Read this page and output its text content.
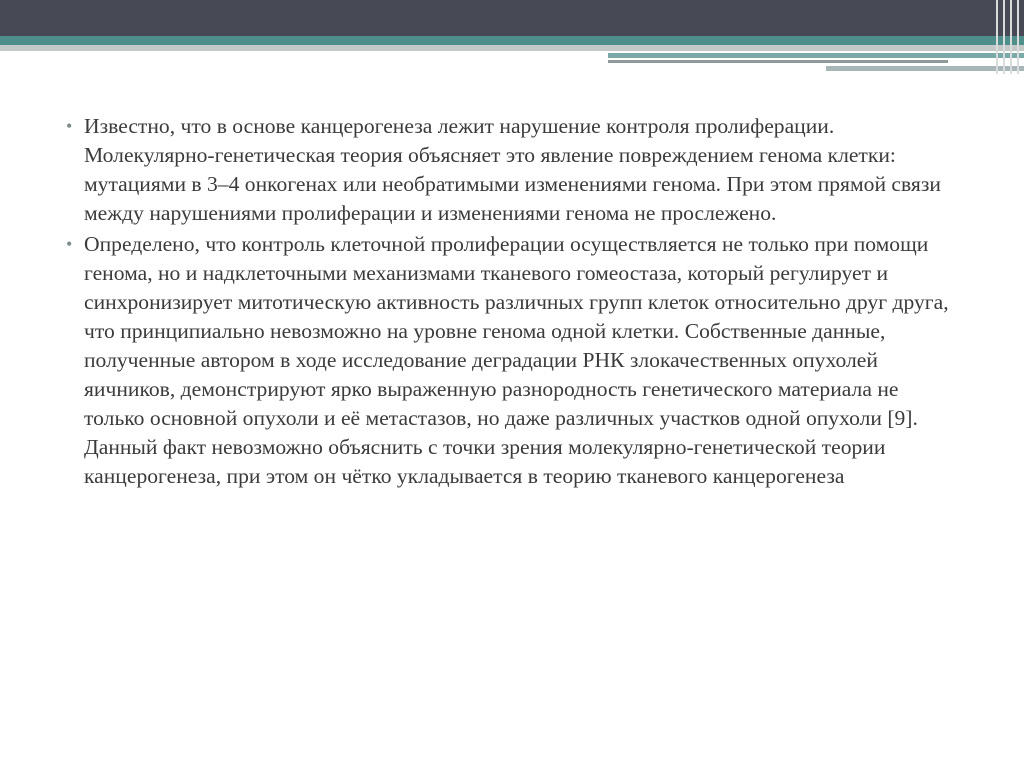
• Известно, что в основе канцерогенеза лежит нарушение контроля пролиферации. Молекулярно-генетическая теория объясняет это явление повреждением генома клетки: мутациями в 3–4 онкогенах или необратимыми изменениями генома. При этом прямой связи между нарушениями пролиферации и изменениями генома не прослежено.
• Определено, что контроль клеточной пролиферации осуществляется не только при помощи генома, но и надклеточными механизмами тканевого гомеостаза, который регулирует и синхронизирует митотическую активность различных групп клеток относительно друг друга, что принципиально невозможно на уровне генома одной клетки. Собственные данные, полученные автором в ходе исследование деградации РНК злокачественных опухолей яичников, демонстрируют ярко выраженную разнородность генетического материала не только основной опухоли и её метастазов, но даже различных участков одной опухоли [9]. Данный факт невозможно объяснить с точки зрения молекулярно-генетической теории канцерогенеза, при этом он чётко укладывается в теорию тканевого канцерогенеза
